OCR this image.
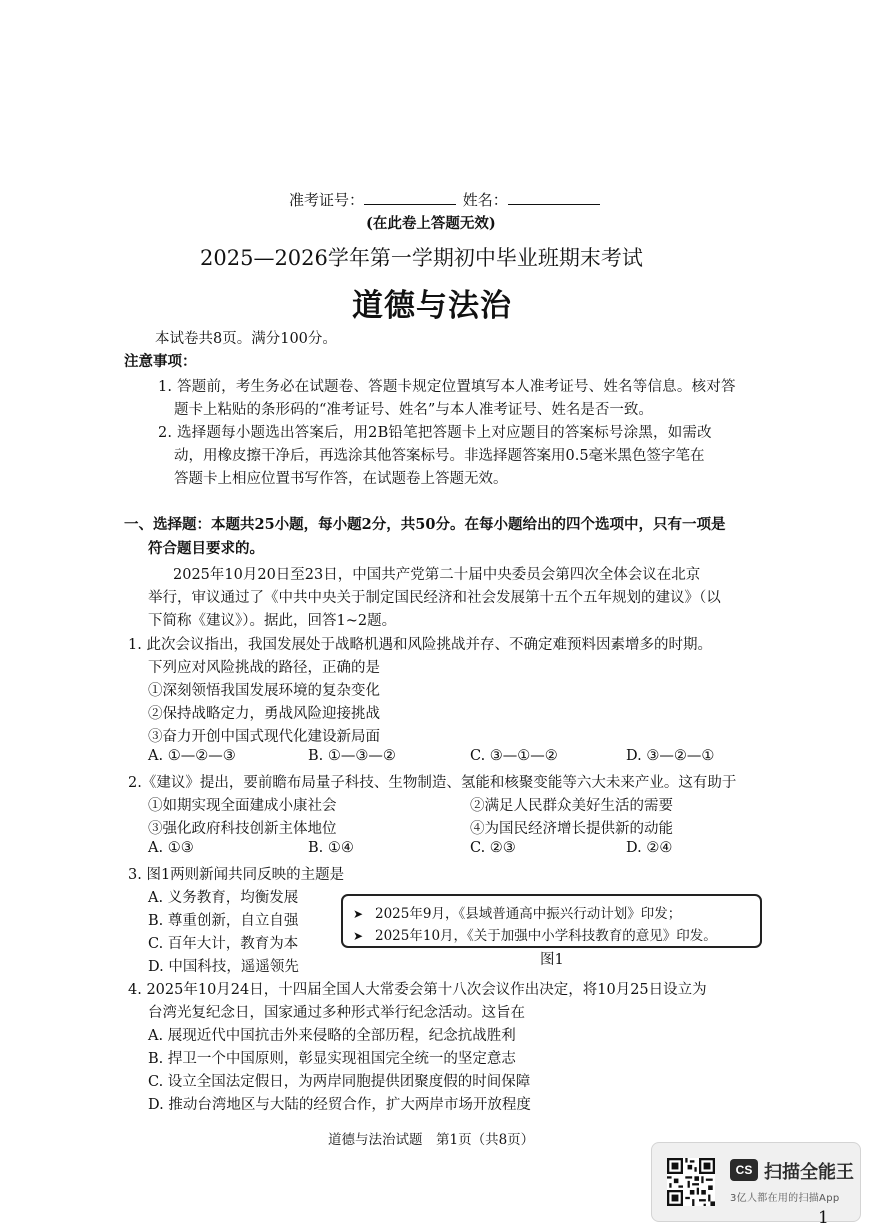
准考证号：	姓名：
(在此卷上答题无效)
2025—2026学年第一学期初中毕业班期末考试
道德与法治
本试卷共8页。满分100分。
注意事项：
1. 答题前，考生务必在试题卷、答题卡规定位置填写本人准考证号、姓名等信息。核对答
题卡上粘贴的条形码的“准考证号、姓名”与本人准考证号、姓名是否一致。
2. 选择题每小题选出答案后，用2B铅笔把答题卡上对应题目的答案标号涂黑，如需改
动，用橡皮擦干净后，再选涂其他答案标号。非选择题答案用0.5毫米黑色签字笔在
答题卡上相应位置书写作答，在试题卷上答题无效。
一、选择题：本题共25小题，每小题2分，共50分。在每小题给出的四个选项中，只有一项是
符合题目要求的。
2025年10月20日至23日，中国共产党第二十届中央委员会第四次全体会议在北京
举行，审议通过了《中共中央关于制定国民经济和社会发展第十五个五年规划的建议》（以
下简称《建议》）。据此，回答1~2题。
1. 此次会议指出，我国发展处于战略机遇和风险挑战并存、不确定难预料因素增多的时期。
下列应对风险挑战的路径，正确的是
①深刻领悟我国发展环境的复杂变化
②保持战略定力，勇战风险迎接挑战
③奋力开创中国式现代化建设新局面
A. ①—②—③	B. ①—③—②	C. ③—①—②	D. ③—②—①
2.《建议》提出，要前瞻布局量子科技、生物制造、氢能和核聚变能等六大未来产业。这有助于
①如期实现全面建成小康社会	②满足人民群众美好生活的需要
③强化政府科技创新主体地位	④为国民经济增长提供新的动能
A. ①③	B. ①④	C. ②③	D. ②④
3. 图1两则新闻共同反映的主题是
A. 义务教育，均衡发展
B. 尊重创新，自立自强
C. 百年大计，教育为本
D. 中国科技，遥遥领先
➤ 2025年9月，《县域普通高中振兴行动计划》印发；
➤ 2025年10月，《关于加强中小学科技教育的意见》印发。
图1
4. 2025年10月24日，十四届全国人大常委会第十八次会议作出决定，将10月25日设立为
台湾光复纪念日，国家通过多种形式举行纪念活动。这旨在
A. 展现近代中国抗击外来侵略的全部历程，纪念抗战胜利
B. 捍卫一个中国原则，彰显实现祖国完全统一的坚定意志
C. 设立全国法定假日，为两岸同胞提供团聚度假的时间保障
D. 推动台湾地区与大陆的经贸合作，扩大两岸市场开放程度
道德与法治试题　第1页（共8页）
CS 扫描全能王
3亿人都在用的扫描App
1
